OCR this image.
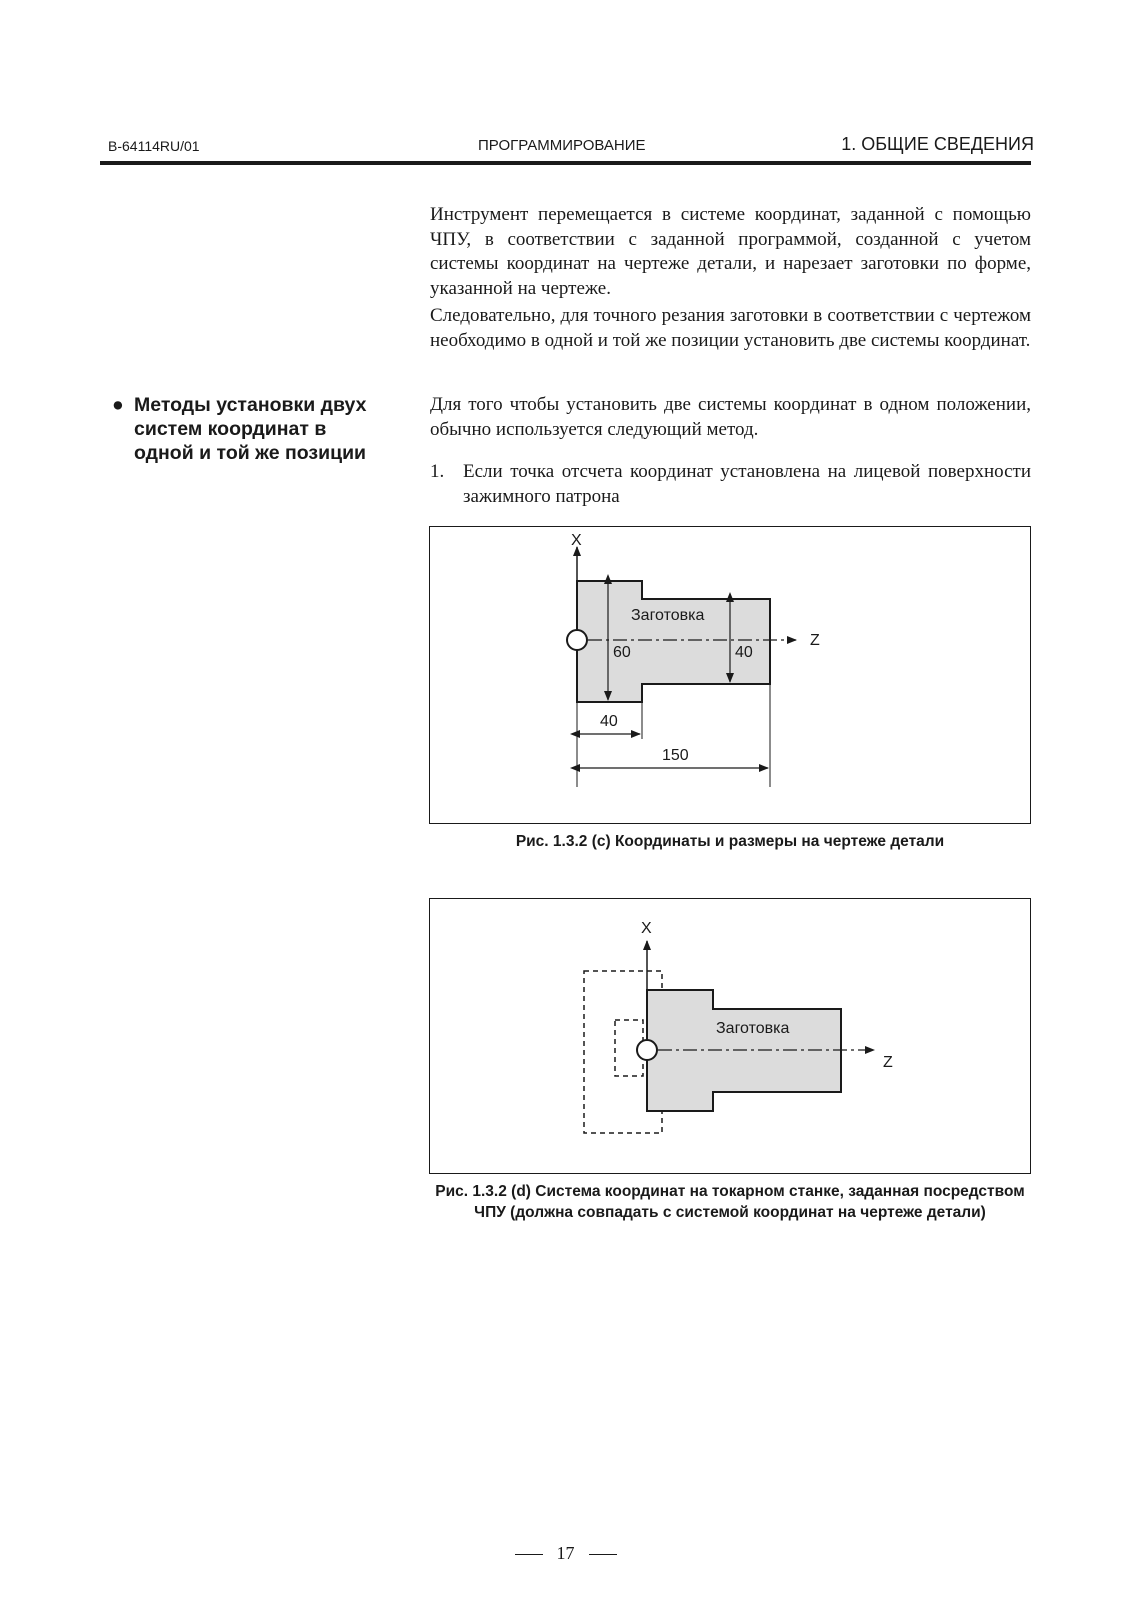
B-64114RU/01	ПРОГРАММИРОВАНИЕ	1. ОБЩИЕ СВЕДЕНИЯ

Инструмент перемещается в системе координат, заданной с помощью ЧПУ, в соответствии с заданной программой, созданной с учетом системы координат на чертеже детали, и нарезает заготовки по форме, указанной на чертеже.

Следовательно, для точного резания заготовки в соответствии с чертежом необходимо в одной и той же позиции установить две системы координат.

● Методы установки двух систем координат в одной и той же позиции

Для того чтобы установить две системы координат в одном положении, обычно используется следующий метод.

1. Если точка отсчета координат установлена на лицевой поверхности зажимного патрона
X
Z
Заготовка
60	40
40
150
Рис. 1.3.2 (c) Координаты и размеры на чертеже детали
X
Z
Заготовка
Рис. 1.3.2 (d) Система координат на токарном станке, заданная посредством ЧПУ (должна совпадать с системой координат на чертеже детали)
17
